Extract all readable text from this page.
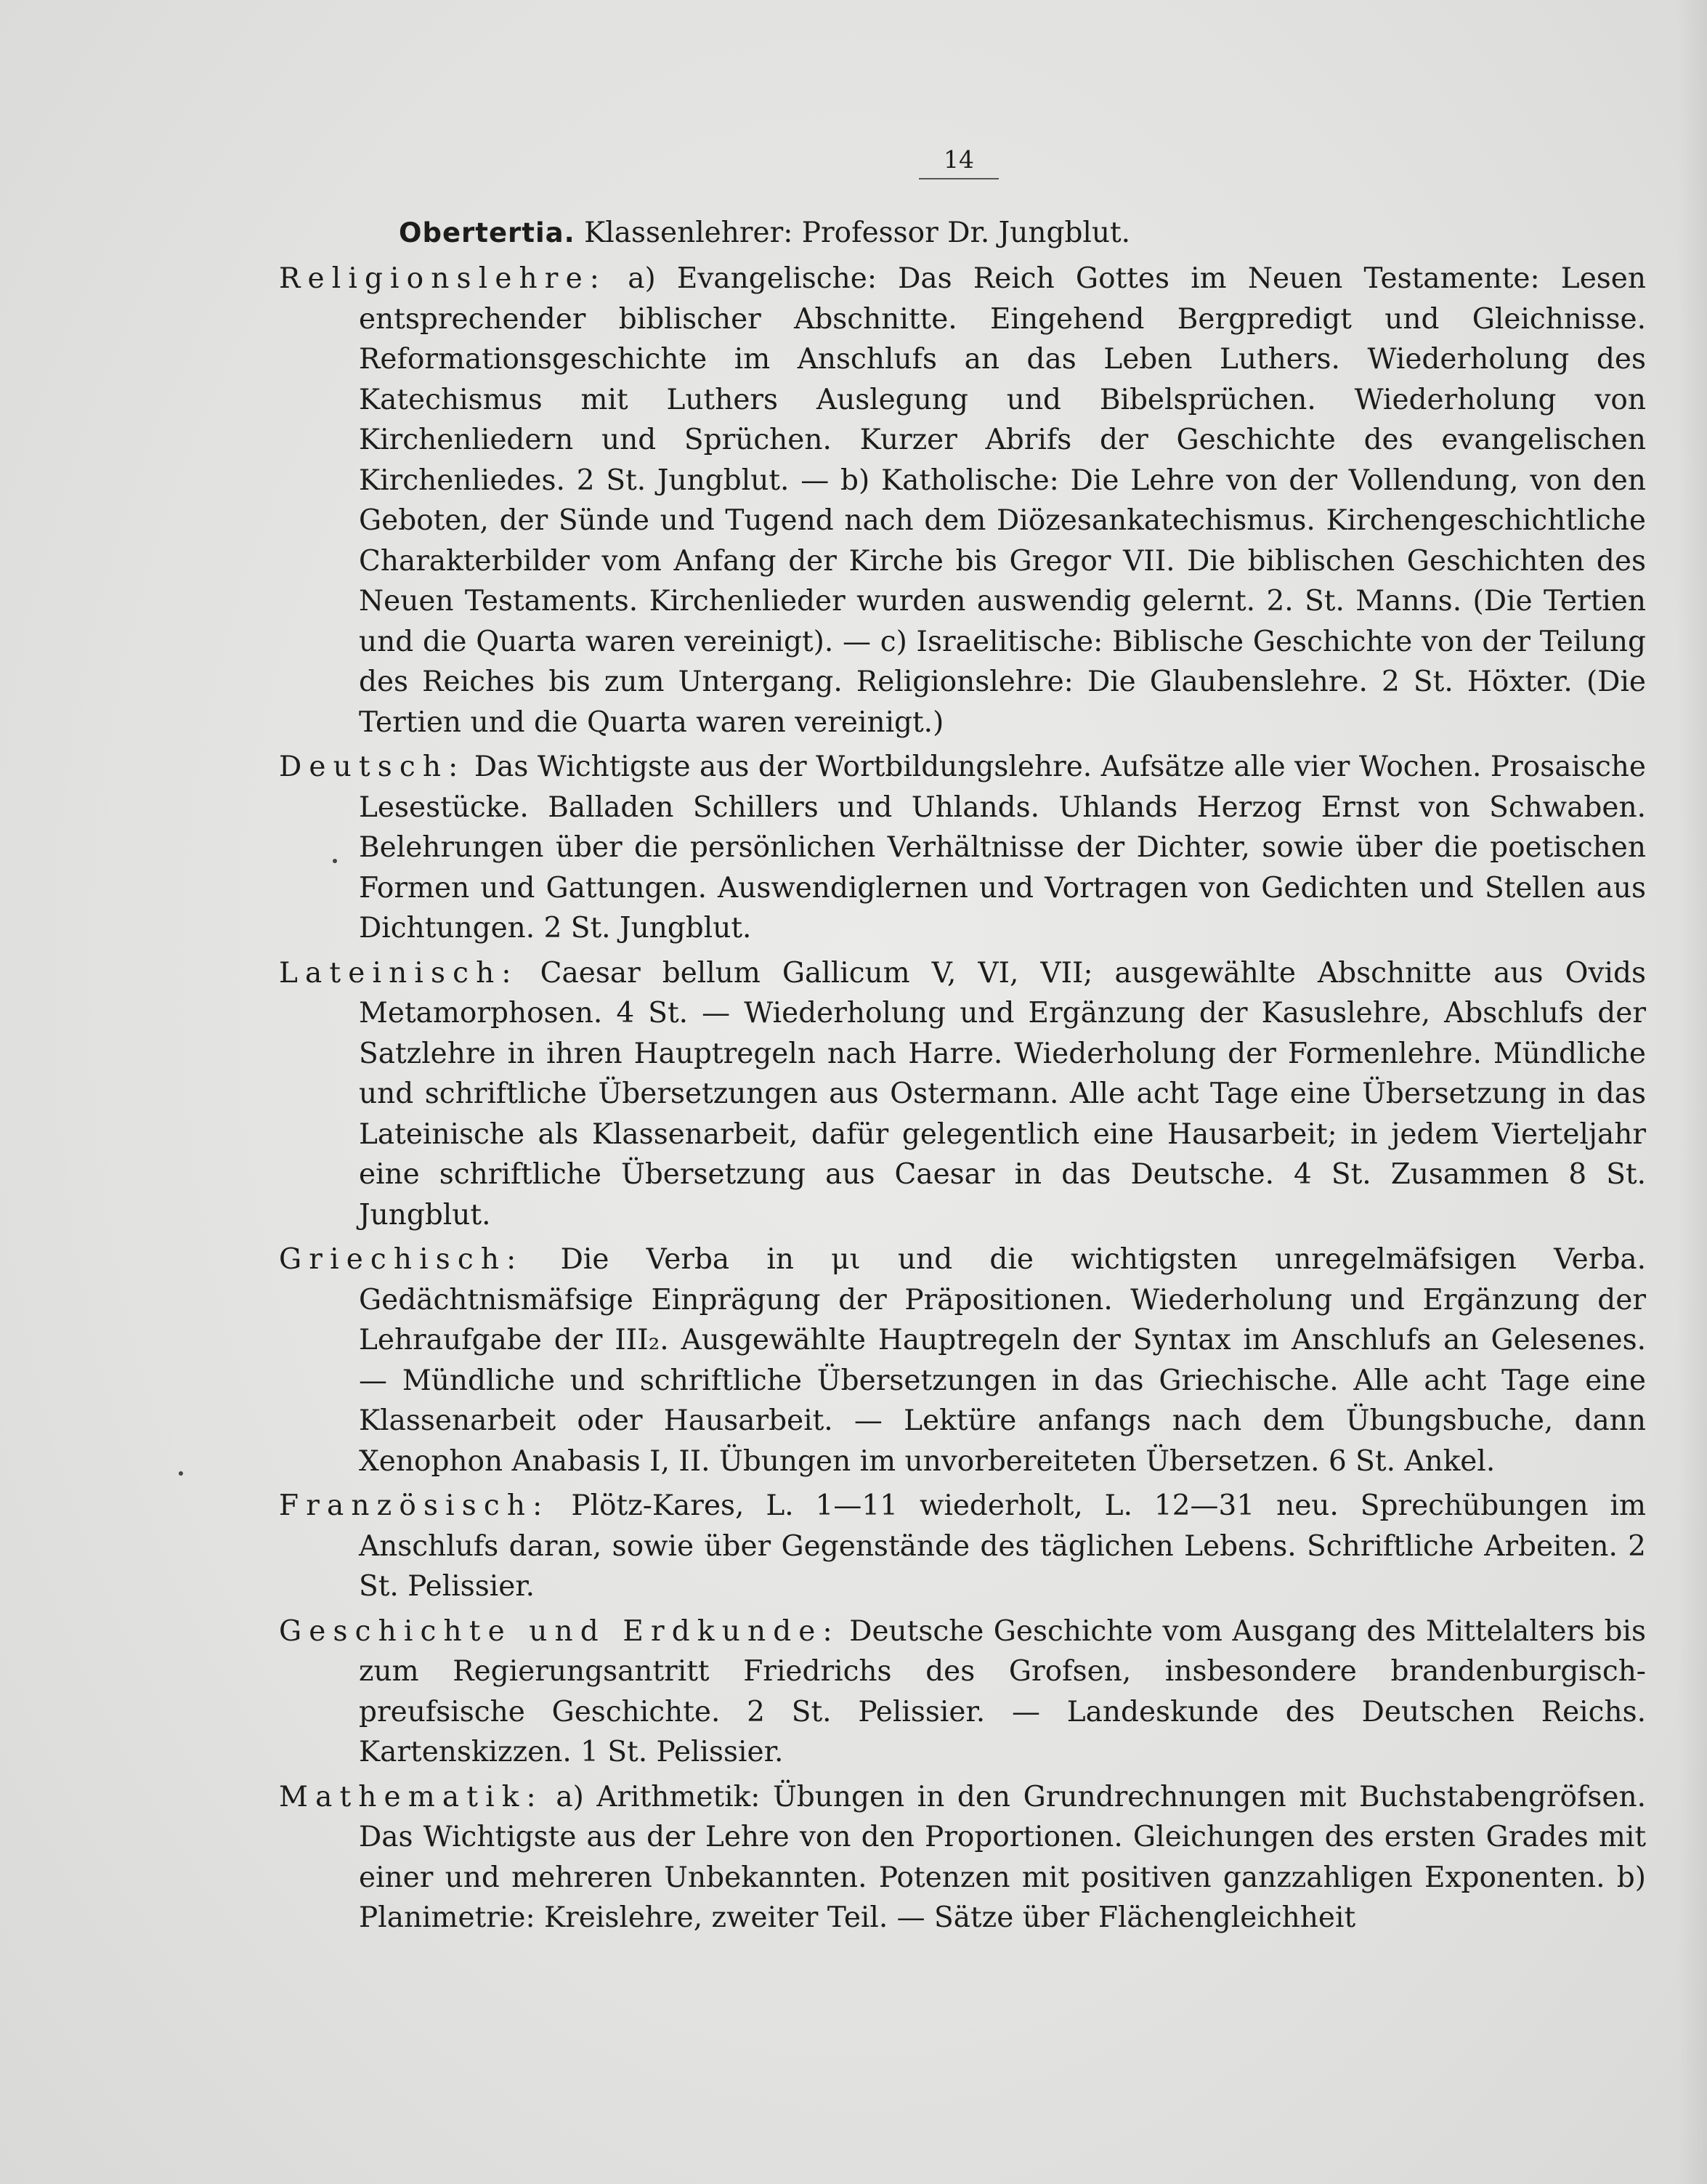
14
Obertertia. Klassenlehrer: Professor Dr. Jungblut.

Religionslehre: a) Evangelische: Das Reich Gottes im Neuen Testamente: Lesen entsprechender biblischer Abschnitte. Eingehend Bergpredigt und Gleichnisse. Reformationsgeschichte im Anschlufs an das Leben Luthers. Wiederholung des Katechismus mit Luthers Auslegung und Bibelsprüchen. Wiederholung von Kirchenliedern und Sprüchen. Kurzer Abrifs der Geschichte des evangelischen Kirchenliedes. 2 St. Jungblut. — b) Katholische: Die Lehre von der Vollendung, von den Geboten, der Sünde und Tugend nach dem Diözesankatechismus. Kirchengeschichtliche Charakterbilder vom Anfang der Kirche bis Gregor VII. Die biblischen Geschichten des Neuen Testaments. Kirchenlieder wurden auswendig gelernt. 2. St. Manns. (Die Tertien und die Quarta waren vereinigt). — c) Israelitische: Biblische Geschichte von der Teilung des Reiches bis zum Untergang. Religionslehre: Die Glaubenslehre. 2 St. Höxter. (Die Tertien und die Quarta waren vereinigt.)

Deutsch: Das Wichtigste aus der Wortbildungslehre. Aufsätze alle vier Wochen. Prosaische Lesestücke. Balladen Schillers und Uhlands. Uhlands Herzog Ernst von Schwaben. Belehrungen über die persönlichen Verhältnisse der Dichter, sowie über die poetischen Formen und Gattungen. Auswendiglernen und Vortragen von Gedichten und Stellen aus Dichtungen. 2 St. Jungblut.

Lateinisch: Caesar bellum Gallicum V, VI, VII; ausgewählte Abschnitte aus Ovids Metamorphosen. 4 St. — Wiederholung und Ergänzung der Kasuslehre, Abschlufs der Satzlehre in ihren Hauptregeln nach Harre. Wiederholung der Formenlehre. Mündliche und schriftliche Übersetzungen aus Ostermann. Alle acht Tage eine Übersetzung in das Lateinische als Klassenarbeit, dafür gelegentlich eine Hausarbeit; in jedem Vierteljahr eine schriftliche Übersetzung aus Caesar in das Deutsche. 4 St. Zusammen 8 St. Jungblut.

Griechisch: Die Verba in μι und die wichtigsten unregelmäfsigen Verba. Gedächtnismäfsige Einprägung der Präpositionen. Wiederholung und Ergänzung der Lehraufgabe der III₂. Ausgewählte Hauptregeln der Syntax im Anschlufs an Gelesenes. — Mündliche und schriftliche Übersetzungen in das Griechische. Alle acht Tage eine Klassenarbeit oder Hausarbeit. — Lektüre anfangs nach dem Übungsbuche, dann Xenophon Anabasis I, II. Übungen im unvorbereiteten Übersetzen. 6 St. Ankel.

Französisch: Plötz-Kares, L. 1—11 wiederholt, L. 12—31 neu. Sprechübungen im Anschlufs daran, sowie über Gegenstände des täglichen Lebens. Schriftliche Arbeiten. 2 St. Pelissier.

Geschichte und Erdkunde: Deutsche Geschichte vom Ausgang des Mittelalters bis zum Regierungsantritt Friedrichs des Grofsen, insbesondere brandenburgisch-preufsische Geschichte. 2 St. Pelissier. — Landeskunde des Deutschen Reichs. Kartenskizzen. 1 St. Pelissier.

Mathematik: a) Arithmetik: Übungen in den Grundrechnungen mit Buchstabengröfsen. Das Wichtigste aus der Lehre von den Proportionen. Gleichungen des ersten Grades mit einer und mehreren Unbekannten. Potenzen mit positiven ganzzahligen Exponenten. b) Planimetrie: Kreislehre, zweiter Teil. — Sätze über Flächengleichheit
